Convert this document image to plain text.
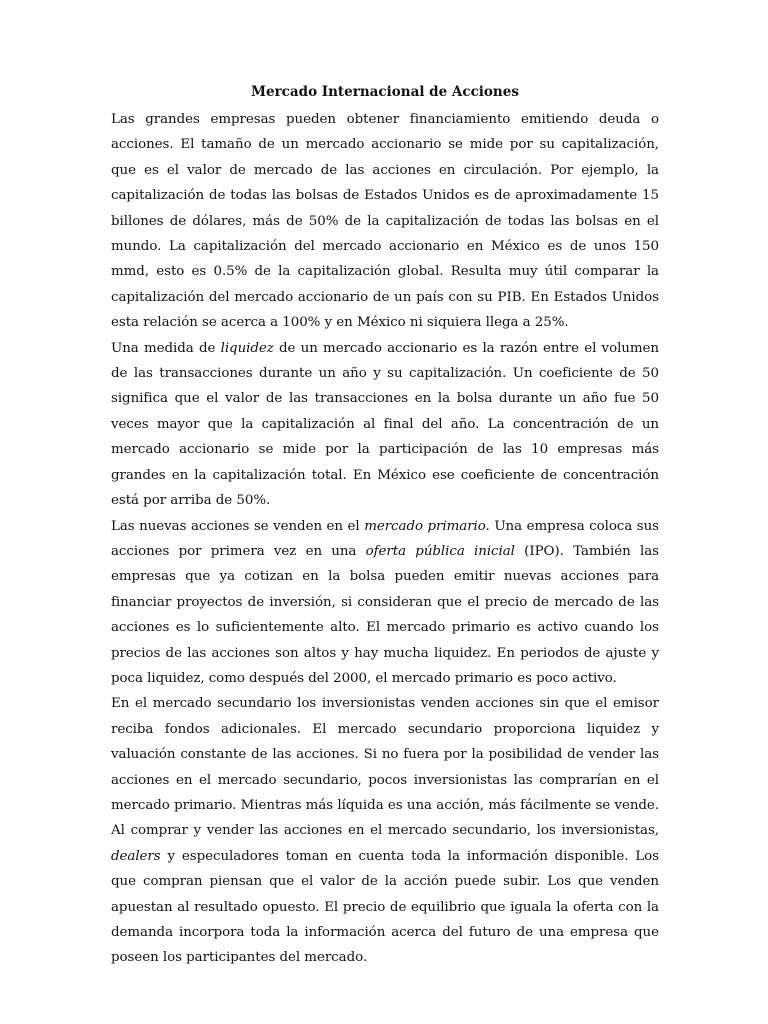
Mercado Internacional de Acciones

Las grandes empresas pueden obtener financiamiento emitiendo deuda o acciones. El tamaño de un mercado accionario se mide por su capitalización, que es el valor de mercado de las acciones en circulación. Por ejemplo, la capitalización de todas las bolsas de Estados Unidos es de aproximadamente 15 billones de dólares, más de 50% de la capitalización de todas las bolsas en el mundo. La capitalización del mercado accionario en México es de unos 150 mmd, esto es 0.5% de la capitalización global. Resulta muy útil comparar la capitalización del mercado accionario de un país con su PIB. En Estados Unidos esta relación se acerca a 100% y en México ni siquiera llega a 25%.

Una medida de liquidez de un mercado accionario es la razón entre el volumen de las transacciones durante un año y su capitalización. Un coeficiente de 50 significa que el valor de las transacciones en la bolsa durante un año fue 50 veces mayor que la capitalización al final del año. La concentración de un mercado accionario se mide por la participación de las 10 empresas más grandes en la capitalización total. En México ese coeficiente de concentración está por arriba de 50%.

Las nuevas acciones se venden en el mercado primario. Una empresa coloca sus acciones por primera vez en una oferta pública inicial (IPO). También las empresas que ya cotizan en la bolsa pueden emitir nuevas acciones para financiar proyectos de inversión, si consideran que el precio de mercado de las acciones es lo suficientemente alto. El mercado primario es activo cuando los precios de las acciones son altos y hay mucha liquidez. En periodos de ajuste y poca liquidez, como después del 2000, el mercado primario es poco activo.

En el mercado secundario los inversionistas venden acciones sin que el emisor reciba fondos adicionales. El mercado secundario proporciona liquidez y valuación constante de las acciones. Si no fuera por la posibilidad de vender las acciones en el mercado secundario, pocos inversionistas las comprarían en el mercado primario. Mientras más líquida es una acción, más fácilmente se vende. Al comprar y vender las acciones en el mercado secundario, los inversionistas, dealers y especuladores toman en cuenta toda la información disponible. Los que compran piensan que el valor de la acción puede subir. Los que venden apuestan al resultado opuesto. El precio de equilibrio que iguala la oferta con la demanda incorpora toda la información acerca del futuro de una empresa que poseen los participantes del mercado.
